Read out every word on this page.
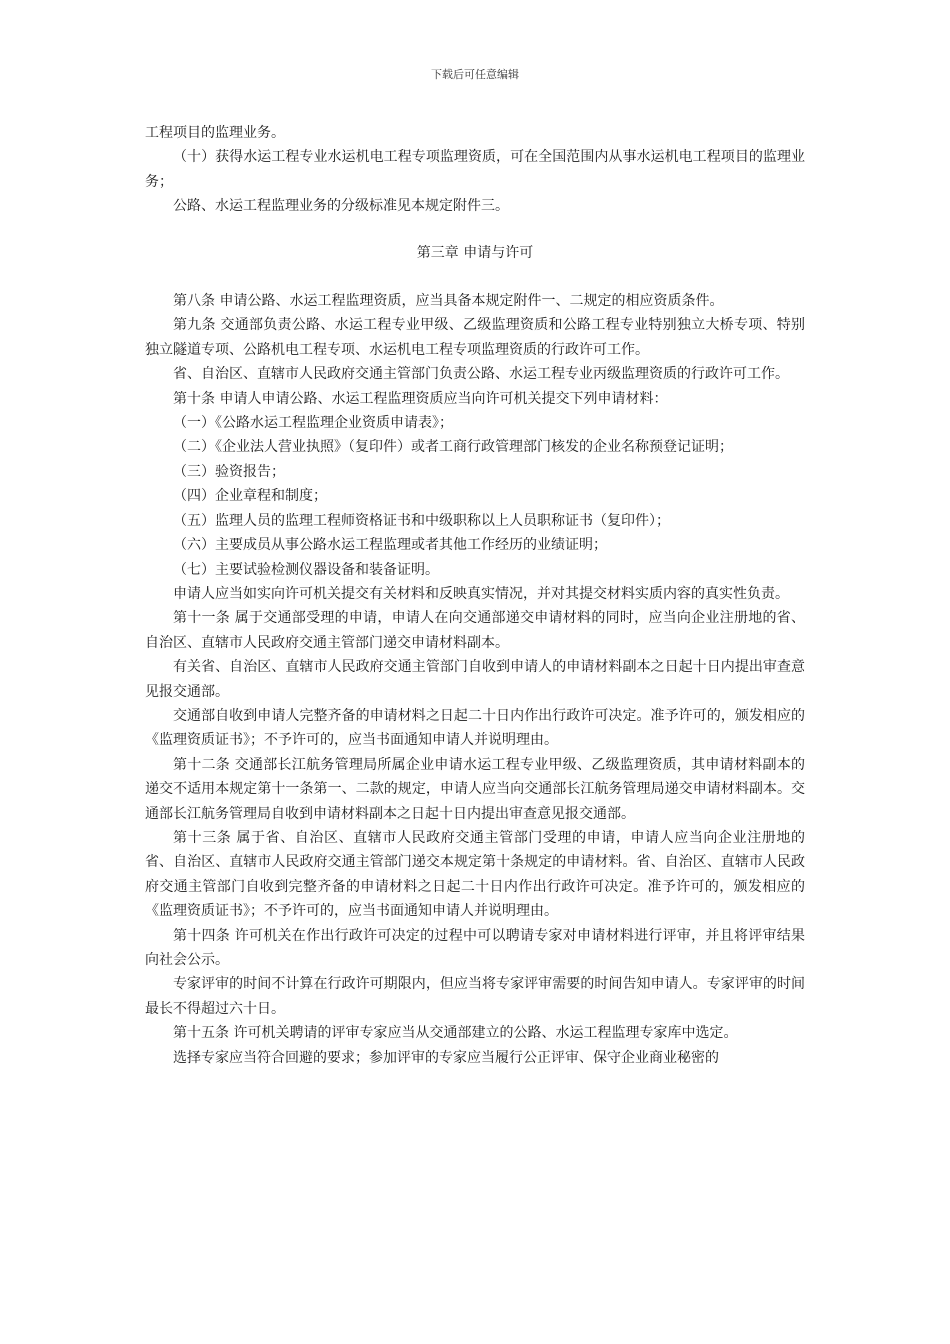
下载后可任意编辑

工程项目的监理业务。

（十）获得水运工程专业水运机电工程专项监理资质，可在全国范围内从事水运机电工程项目的监理业务；

公路、水运工程监理业务的分级标准见本规定附件三。

第三章 申请与许可

第八条 申请公路、水运工程监理资质，应当具备本规定附件一、二规定的相应资质条件。

第九条 交通部负责公路、水运工程专业甲级、乙级监理资质和公路工程专业特别独立大桥专项、特别独立隧道专项、公路机电工程专项、水运机电工程专项监理资质的行政许可工作。

省、自治区、直辖市人民政府交通主管部门负责公路、水运工程专业丙级监理资质的行政许可工作。

第十条 申请人申请公路、水运工程监理资质应当向许可机关提交下列申请材料：

（一）《公路水运工程监理企业资质申请表》；

（二）《企业法人营业执照》（复印件）或者工商行政管理部门核发的企业名称预登记证明；

（三）验资报告；

（四）企业章程和制度；

（五）监理人员的监理工程师资格证书和中级职称以上人员职称证书（复印件）；

（六）主要成员从事公路水运工程监理或者其他工作经历的业绩证明；

（七）主要试验检测仪器设备和装备证明。

申请人应当如实向许可机关提交有关材料和反映真实情况，并对其提交材料实质内容的真实性负责。

第十一条 属于交通部受理的申请，申请人在向交通部递交申请材料的同时，应当向企业注册地的省、自治区、直辖市人民政府交通主管部门递交申请材料副本。

有关省、自治区、直辖市人民政府交通主管部门自收到申请人的申请材料副本之日起十日内提出审查意见报交通部。

交通部自收到申请人完整齐备的申请材料之日起二十日内作出行政许可决定。准予许可的，颁发相应的《监理资质证书》；不予许可的，应当书面通知申请人并说明理由。

第十二条 交通部长江航务管理局所属企业申请水运工程专业甲级、乙级监理资质，其申请材料副本的递交不适用本规定第十一条第一、二款的规定，申请人应当向交通部长江航务管理局递交申请材料副本。交通部长江航务管理局自收到申请材料副本之日起十日内提出审查意见报交通部。

第十三条 属于省、自治区、直辖市人民政府交通主管部门受理的申请，申请人应当向企业注册地的省、自治区、直辖市人民政府交通主管部门递交本规定第十条规定的申请材料。省、自治区、直辖市人民政府交通主管部门自收到完整齐备的申请材料之日起二十日内作出行政许可决定。准予许可的，颁发相应的《监理资质证书》；不予许可的，应当书面通知申请人并说明理由。

第十四条 许可机关在作出行政许可决定的过程中可以聘请专家对申请材料进行评审，并且将评审结果向社会公示。

专家评审的时间不计算在行政许可期限内，但应当将专家评审需要的时间告知申请人。专家评审的时间最长不得超过六十日。

第十五条 许可机关聘请的评审专家应当从交通部建立的公路、水运工程监理专家库中选定。

选择专家应当符合回避的要求；参加评审的专家应当履行公正评审、保守企业商业秘密的
